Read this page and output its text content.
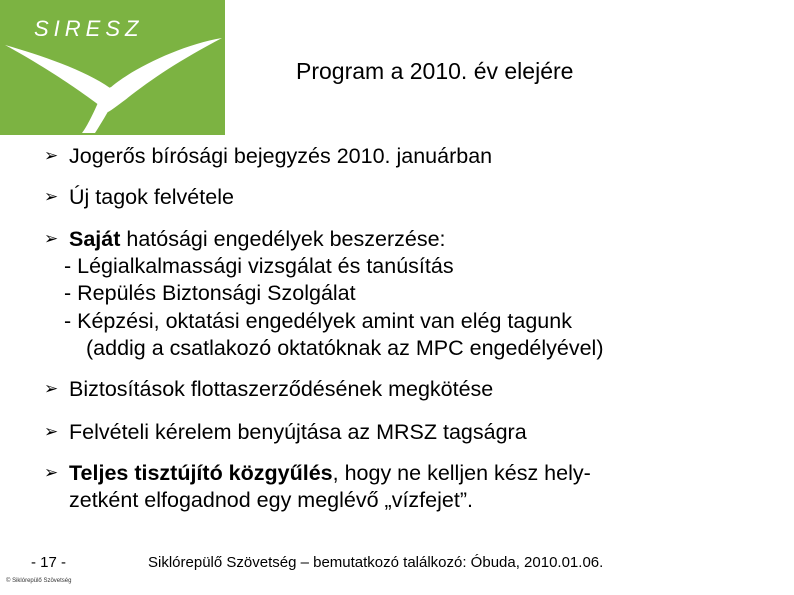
SIRESZ
Program a 2010. év elejére
➢ Jogerős bírósági bejegyzés 2010. januárban
➢ Új tagok felvétele
➢ Saját hatósági engedélyek beszerzése:
- Légialkalmassági vizsgálat és tanúsítás
- Repülés Biztonsági Szolgálat
- Képzési, oktatási engedélyek amint van elég tagunk
(addig a csatlakozó oktatóknak az MPC engedélyével)
➢ Biztosítások flottaszerződésének megkötése
➢ Felvételi kérelem benyújtása az MRSZ tagságra
➢ Teljes tisztújító közgyűlés, hogy ne kelljen kész hely-
zetként elfogadnod egy meglévő „vízfejet”.
- 17 -	Siklórepülő Szövetség – bemutatkozó találkozó: Óbuda, 2010.01.06.
© Siklórepülő Szövetség
